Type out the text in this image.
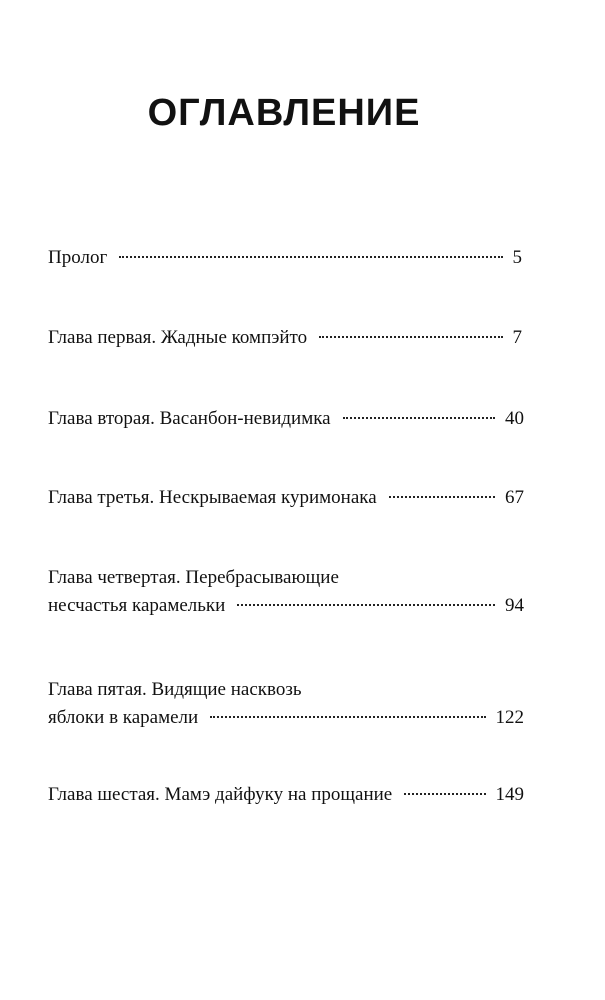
ОГЛАВЛЕНИЕ
Пролог	5
Глава первая. Жадные компэйто	7
Глава вторая. Васанбон-невидимка	40
Глава третья. Нескрываемая куримонака	67
Глава четвертая. Перебрасывающие
несчастья карамельки	94
Глава пятая. Видящие насквозь
яблоки в карамели	122
Глава шестая. Мамэ дайфуку на прощание	149
